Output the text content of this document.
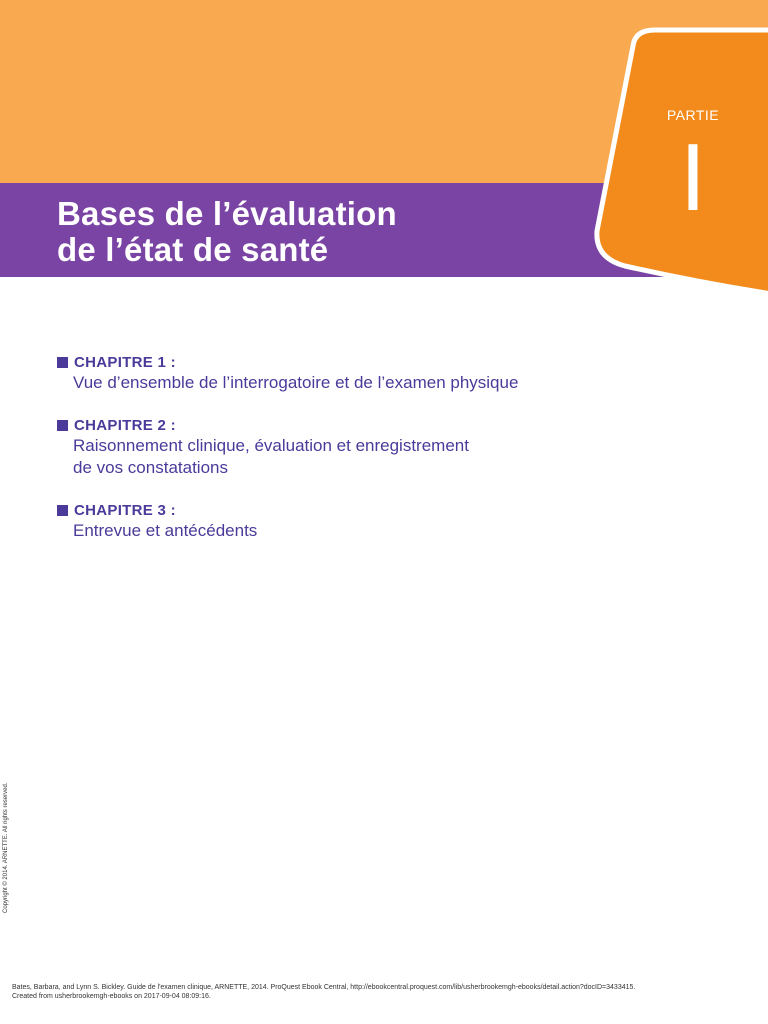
Bases de l’évaluation
de l’état de santé
PARTIE
I
CHAPITRE 1 :
Vue d’ensemble de l’interrogatoire et de l’examen physique
CHAPITRE 2 :
Raisonnement clinique, évaluation et enregistrement
de vos constatations
CHAPITRE 3 :
Entrevue et antécédents
Copyright © 2014. ARNETTE. All rights reserved.
Bates, Barbara, and Lynn S. Bickley. Guide de l'examen clinique, ARNETTE, 2014. ProQuest Ebook Central, http://ebookcentral.proquest.com/lib/usherbrookemgh-ebooks/detail.action?docID=3433415.
Created from usherbrookemgh-ebooks on 2017-09-04 08:09:16.
